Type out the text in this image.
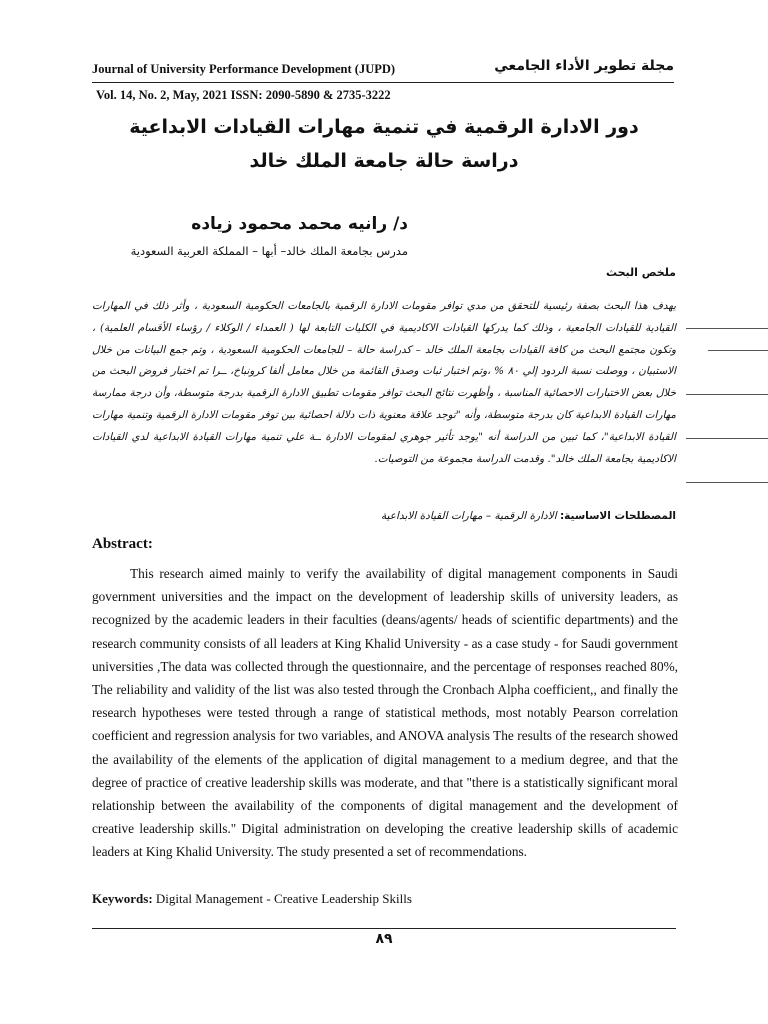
Journal of University Performance Development (JUPD)	مجلة تطوير الأداء الجامعي
Vol. 14, No. 2, May, 2021 ISSN: 2090-5890 & 2735-3222
دور الادارة الرقمية في تنمية مهارات القيادات الابداعية
دراسة حالة جامعة الملك خالد
د/ رانيه محمد محمود زياده
مدرس بجامعة الملك خالد– أبها – المملكة العربية السعودية
ملخص البحث
يهدف هذا البحث بصفة رئيسية للتحقق من مدي توافر مقومات الادارة الرقمية بالجامعات الحكومية السعودية ، وأثر ذلك في المهارات القيادية للقيادات الجامعية ، وذلك كما يدركها القيادات الاكاديمية في الكليات التابعة لها ( العمداء / الوكلاء / رؤساء الأقسام العلمية) ، وتكون مجتمع البحث من كافة القيادات بجامعة الملك خالد – كدراسة حالة – للجامعات الحكومية السعودية ، وتم جمع البيانات من خلال الاستبيان ، ووصلت نسبة الردود إلي ٨٠ % ،وتم اختبار ثبات وصدق القائمة من خلال معامل ألفا كرونباخ، ‫ــرا تم اختبار فروض البحث من خلال بعض الاختبارات الاحصائية المناسبة ، وأظهرت نتائج البحث توافر مقومات تطبيق الادارة الرقمية بدرجة متوسطة، وأن درجة ممارسة مهارات القيادة الابداعية كان بدرجة متوسطة، وأنه "توجد علاقة معنوية ذات دلالة احصائية بين توفر مقومات الادارة الرقمية وتنمية مهارات القيادة الابداعية"، كما تبين من الدراسة أنه "يوجد تأثير جوهري لمقومات الادارة ‫ــة علي تنمية مهارات القيادة الابداعية لدي القيادات الاكاديمية بجامعة الملك خالد". وقدمت الدراسة مجموعة من التوصيات.
المصطلحات الاساسية: الادارة الرقمية – مهارات القيادة الابداعية
Abstract:
This research aimed mainly to verify the availability of digital management components in Saudi government universities and the impact on the development of leadership skills of university leaders, as recognized by the academic leaders in their faculties (deans/agents/ heads of scientific departments) and the research community consists of all leaders at King Khalid University - as a case study - for Saudi government universities ,The data was collected through the questionnaire, and the percentage of responses reached 80%, The reliability and validity of the list was also tested through the Cronbach Alpha coefficient,, and finally the research hypotheses were tested through a range of statistical methods, most notably Pearson correlation coefficient and regression analysis for two variables, and ANOVA analysis The results of the research showed the availability of the elements of the application of digital management to a medium degree, and that the degree of practice of creative leadership skills was moderate, and that "there is a statistically significant moral relationship between the availability of the components of digital management and the development of creative leadership skills." Digital administration on developing the creative leadership skills of academic leaders at King Khalid University. The study presented a set of recommendations.
Keywords: Digital Management - Creative Leadership Skills
٨٩
